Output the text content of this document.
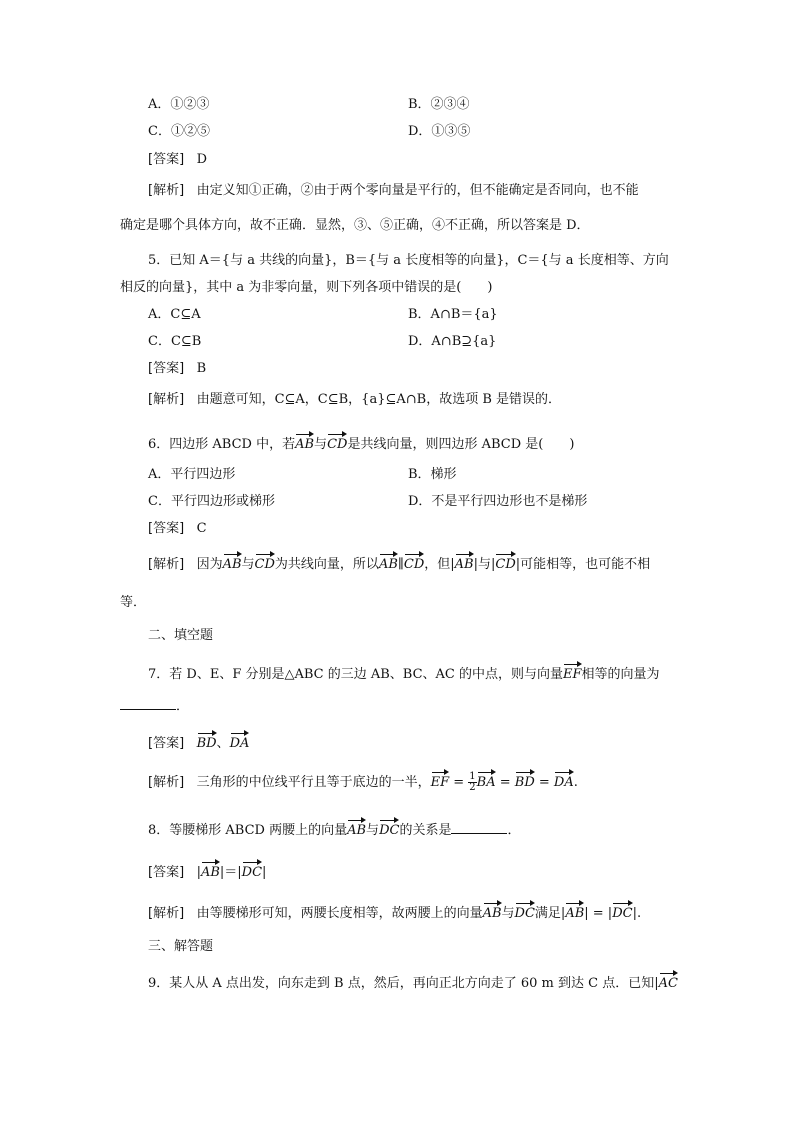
A．①②③	B．②③④
C．①②⑤	D．①③⑤
[答案] D
[解析] 由定义知①正确，②由于两个零向量是平行的，但不能确定是否同向，也不能
确定是哪个具体方向，故不正确．显然，③、⑤正确，④不正确，所以答案是 D．
5．已知 A＝{与 a 共线的向量}，B＝{与 a 长度相等的向量}，C＝{与 a 长度相等、方向
相反的向量}，其中 a 为非零向量，则下列各项中错误的是(　　)
A．C⊆A	B．A∩B＝{a}
C．C⊆B	D．A∩B⊇{a}
[答案] B
[解析] 由题意可知，C⊆A，C⊆B，{a}⊆A∩B，故选项 B 是错误的．
6．四边形 ABCD 中，若AB与CD是共线向量，则四边形 ABCD 是(　　)
A．平行四边形	B．梯形
C．平行四边形或梯形	D．不是平行四边形也不是梯形
[答案] C
[解析] 因为AB与CD为共线向量，所以AB∥CD，但|AB|与|CD|可能相等，也可能不相
等．
二、填空题
7．若 D、E、F 分别是△ABC 的三边 AB、BC、AC 的中点，则与向量EF相等的向量为
．
[答案] BD、DA
[解析] 三角形的中位线平行且等于底边的一半，EF = $\frac{1}{2}$ BA = BD = DA.
8．等腰梯形 ABCD 两腰上的向量AB与DC的关系是	．
[答案] |AB|＝|DC|
[解析] 由等腰梯形可知，两腰长度相等，故两腰上的向量AB与DC满足|AB| = |DC|.
三、解答题
9．某人从 A 点出发，向东走到 B 点，然后，再向正北方向走了 60 m 到达 C 点．已知|AC
